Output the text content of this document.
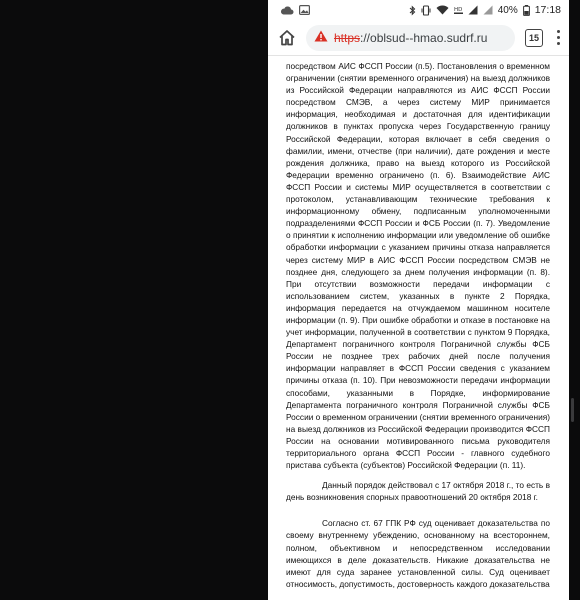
HD	40% 17:18
https://oblsud--hmao.sudrf.ru	15

посредством АИС ФССП России (п.5). Постановления о временном ограничении (снятии временного ограничения) на выезд должников из Российской Федерации направляются из АИС ФССП России посредством СМЭВ, а через систему МИР принимается информация, необходимая и достаточная для идентификации должников в пунктах пропуска через Государственную границу Российской Федерации, которая включает в себя сведения о фамилии, имени, отчестве (при наличии), дате рождения и месте рождения должника, право на выезд которого из Российской Федерации временно ограничено (п. 6). Взаимодействие АИС ФССП России и системы МИР осуществляется в соответствии с протоколом, устанавливающим технические требования к информационному обмену, подписанным уполномоченными подразделениями ФССП России и ФСБ России (п. 7). Уведомление о принятии к исполнению информации или уведомление об ошибке обработки информации с указанием причины отказа направляется через систему МИР в АИС ФССП России посредством СМЭВ не позднее дня, следующего за днем получения информации (п. 8). При отсутствии возможности передачи информации с использованием систем, указанных в пункте 2 Порядка, информация передается на отчуждаемом машинном носителе информации (п. 9). При ошибке обработки и отказе в постановке на учет информации, полученной в соответствии с пунктом 9 Порядка, Департамент пограничного контроля Пограничной службы ФСБ России не позднее трех рабочих дней после получения информации направляет в ФССП России сведения с указанием причины отказа (п. 10). При невозможности передачи информации способами, указанными в Порядке, информирование Департамента пограничного контроля Пограничной службы ФСБ России о временном ограничении (снятии временного ограничения) на выезд должников из Российской Федерации производится ФССП России на основании мотивированного письма руководителя территориального органа ФССП России - главного судебного пристава субъекта (субъектов) Российской Федерации (п. 11).

Данный порядок действовал с 17 октября 2018 г., то есть в день возникновения спорных правоотношений 20 октября 2018 г.

Согласно ст. 67 ГПК РФ суд оценивает доказательства по своему внутреннему убеждению, основанному на всестороннем, полном, объективном и непосредственном исследовании имеющихся в деле доказательств. Никакие доказательства не имеют для суда заранее установленной силы. Суд оценивает относимость, допустимость, достоверность каждого доказательства
